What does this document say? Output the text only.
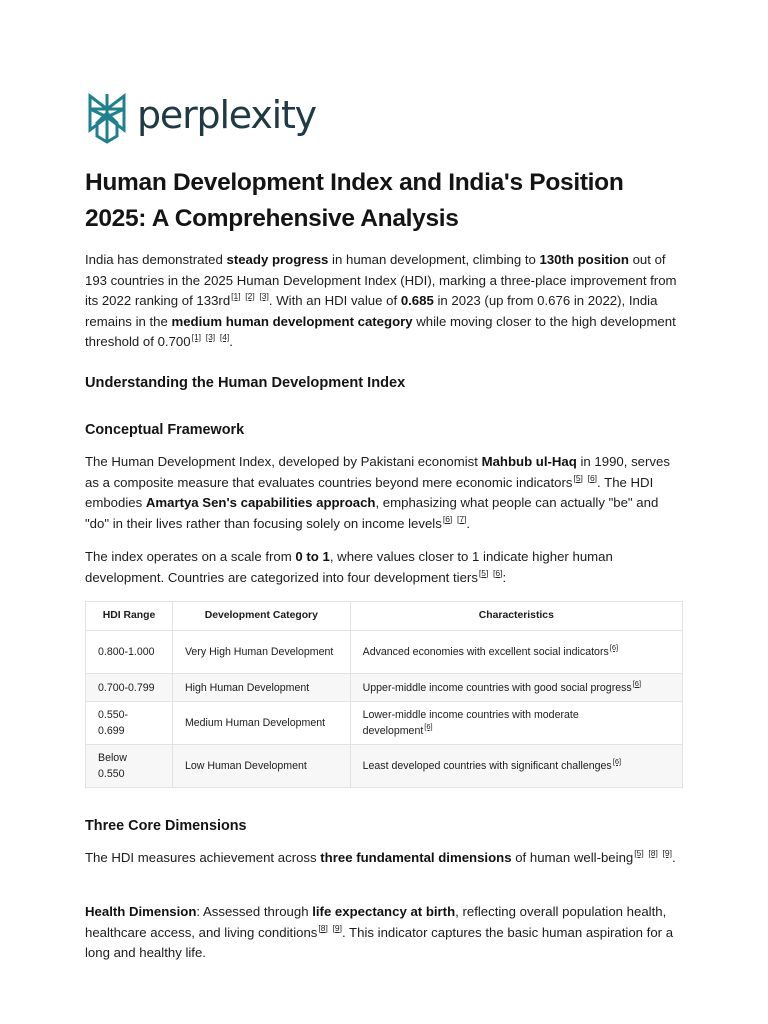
perplexity
Human Development Index and India's Position 2025: A Comprehensive Analysis

India has demonstrated steady progress in human development, climbing to 130th position out of 193 countries in the 2025 Human Development Index (HDI), marking a three-place improvement from its 2022 ranking of 133rd[1] [2] [3]. With an HDI value of 0.685 in 2023 (up from 0.676 in 2022), India remains in the medium human development category while moving closer to the high development threshold of 0.700[1] [3] [4].

Understanding the Human Development Index
Conceptual Framework

The Human Development Index, developed by Pakistani economist Mahbub ul-Haq in 1990, serves as a composite measure that evaluates countries beyond mere economic indicators[5] [6]. The HDI embodies Amartya Sen's capabilities approach, emphasizing what people can actually "be" and "do" in their lives rather than focusing solely on income levels[6] [7].

The index operates on a scale from 0 to 1, where values closer to 1 indicate higher human development. Countries are categorized into four development tiers[5] [6]:

HDI Range	Development Category	Characteristics
0.800-1.000	Very High Human Development	Advanced economies with excellent social indicators[6]
0.700-0.799	High Human Development	Upper-middle income countries with good social progress[6]
0.550-0.699	Medium Human Development	Lower-middle income countries with moderate development[6]
Below 0.550	Low Human Development	Least developed countries with significant challenges[6]
Three Core Dimensions

The HDI measures achievement across three fundamental dimensions of human well-being[5] [8] [9].

Health Dimension: Assessed through life expectancy at birth, reflecting overall population health, healthcare access, and living conditions[8] [9]. This indicator captures the basic human aspiration for a long and healthy life.
